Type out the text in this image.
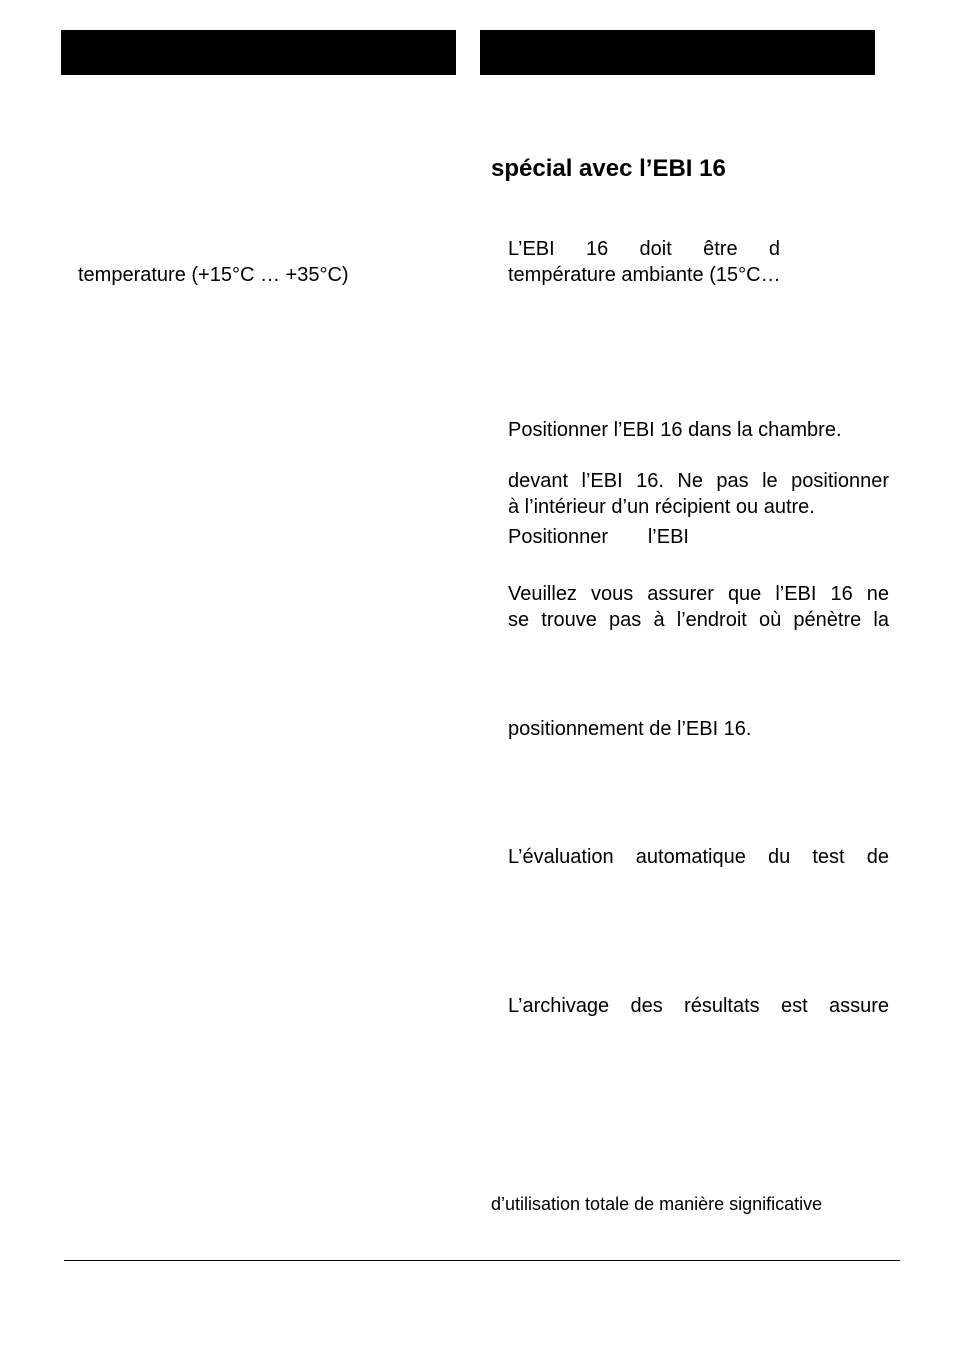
temperature (+15°C … +35°C)
spécial avec l’EBI 16
L’EBI 16 doit être d
température ambiante (15°C…
Positionner l’EBI 16 dans la chambre.
devant l’EBI 16. Ne pas le positionner
à l’intérieur d’un récipient ou autre.
Positionner l’EBI
Veuillez vous assurer que l’EBI 16 ne
se trouve pas à l’endroit où pénètre la
positionnement de l’EBI 16.
L’évaluation automatique du test de
L’archivage des résultats est assure
d’utilisation totale de manière significative
